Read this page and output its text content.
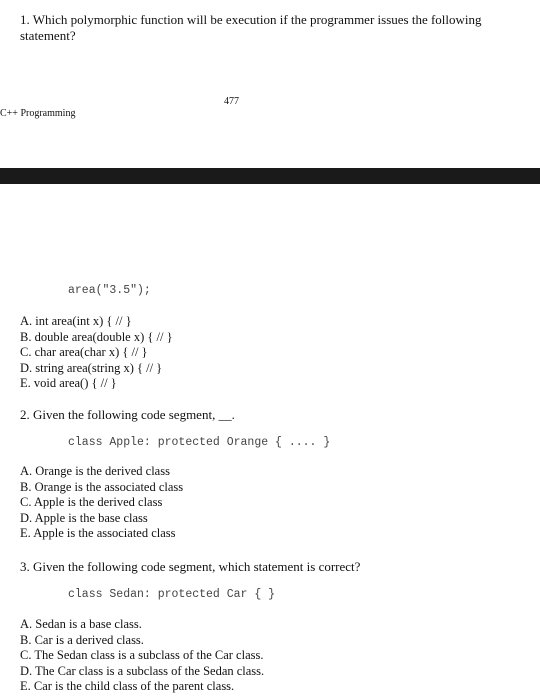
1. Which polymorphic function will be execution if the programmer issues the following
statement?
477
C++ Programming
area("3.5");
A. int area(int x) { // }
B. double area(double x) { // }
C. char area(char x) { // }
D. string area(string x) { // }
E. void area() { // }
2. Given the following code segment, __.
class Apple: protected Orange { .... }
A. Orange is the derived class
B. Orange is the associated class
C. Apple is the derived class
D. Apple is the base class
E. Apple is the associated class
3. Given the following code segment, which statement is correct?
class Sedan: protected Car { }
A. Sedan is a base class.
B. Car is a derived class.
C. The Sedan class is a subclass of the Car class.
D. The Car class is a subclass of the Sedan class.
E. Car is the child class of the parent class.
